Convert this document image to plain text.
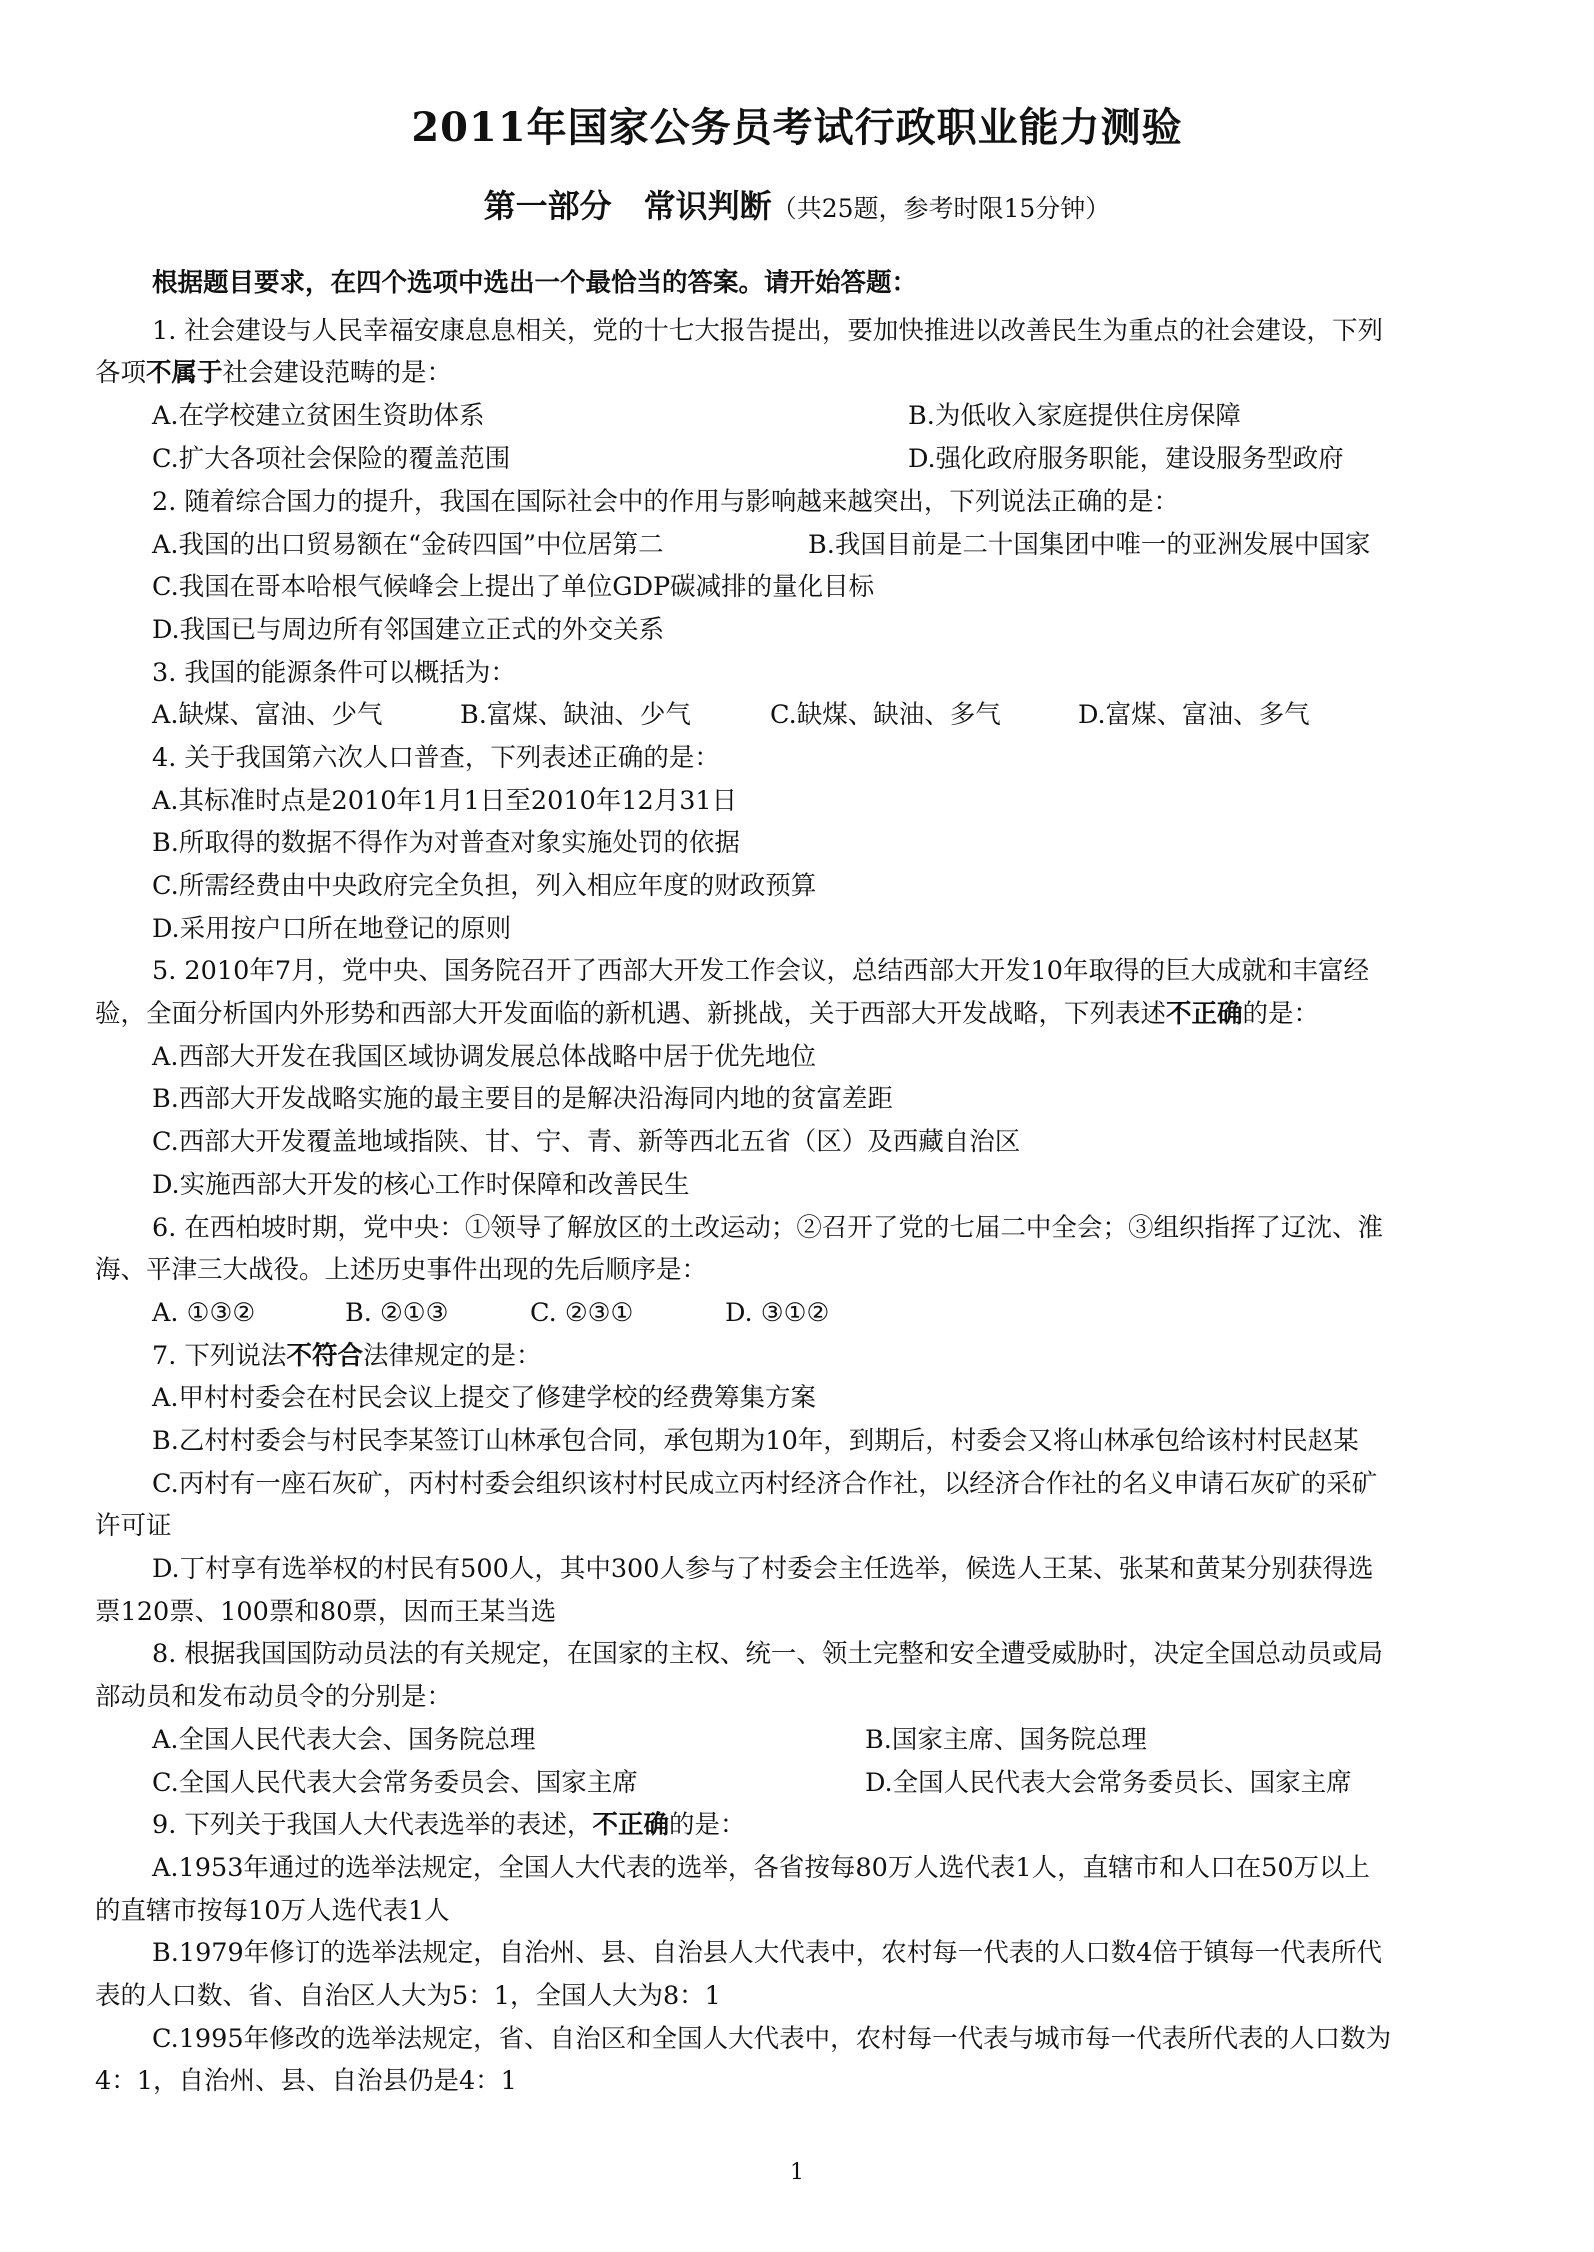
2011年国家公务员考试行政职业能力测验
第一部分　常识判断（共25题，参考时限15分钟）
根据题目要求，在四个选项中选出一个最恰当的答案。请开始答题：
1. 社会建设与人民幸福安康息息相关，党的十七大报告提出，要加快推进以改善民生为重点的社会建设，下列
各项不属于社会建设范畴的是：
A.在学校建立贫困生资助体系	B.为低收入家庭提供住房保障
C.扩大各项社会保险的覆盖范围	D.强化政府服务职能，建设服务型政府
2. 随着综合国力的提升，我国在国际社会中的作用与影响越来越突出，下列说法正确的是：
A.我国的出口贸易额在“金砖四国”中位居第二	B.我国目前是二十国集团中唯一的亚洲发展中国家
C.我国在哥本哈根气候峰会上提出了单位GDP碳减排的量化目标
D.我国已与周边所有邻国建立正式的外交关系
3. 我国的能源条件可以概括为：
A.缺煤、富油、少气	B.富煤、缺油、少气	C.缺煤、缺油、多气	D.富煤、富油、多气
4. 关于我国第六次人口普查，下列表述正确的是：
A.其标准时点是2010年1月1日至2010年12月31日
B.所取得的数据不得作为对普查对象实施处罚的依据
C.所需经费由中央政府完全负担，列入相应年度的财政预算
D.采用按户口所在地登记的原则
5. 2010年7月，党中央、国务院召开了西部大开发工作会议，总结西部大开发10年取得的巨大成就和丰富经
验，全面分析国内外形势和西部大开发面临的新机遇、新挑战，关于西部大开发战略，下列表述不正确的是：
A.西部大开发在我国区域协调发展总体战略中居于优先地位
B.西部大开发战略实施的最主要目的是解决沿海同内地的贫富差距
C.西部大开发覆盖地域指陕、甘、宁、青、新等西北五省（区）及西藏自治区
D.实施西部大开发的核心工作时保障和改善民生
6. 在西柏坡时期，党中央：①领导了解放区的土改运动；②召开了党的七届二中全会；③组织指挥了辽沈、淮
海、平津三大战役。上述历史事件出现的先后顺序是：
A. ①③②	B. ②①③	C. ②③①	D. ③①②
7. 下列说法不符合法律规定的是：
A.甲村村委会在村民会议上提交了修建学校的经费筹集方案
B.乙村村委会与村民李某签订山林承包合同，承包期为10年，到期后，村委会又将山林承包给该村村民赵某
C.丙村有一座石灰矿，丙村村委会组织该村村民成立丙村经济合作社，以经济合作社的名义申请石灰矿的采矿
许可证
D.丁村享有选举权的村民有500人，其中300人参与了村委会主任选举，候选人王某、张某和黄某分别获得选
票120票、100票和80票，因而王某当选
8. 根据我国国防动员法的有关规定，在国家的主权、统一、领土完整和安全遭受威胁时，决定全国总动员或局
部动员和发布动员令的分别是：
A.全国人民代表大会、国务院总理	B.国家主席、国务院总理
C.全国人民代表大会常务委员会、国家主席	D.全国人民代表大会常务委员长、国家主席
9. 下列关于我国人大代表选举的表述，不正确的是：
A.1953年通过的选举法规定，全国人大代表的选举，各省按每80万人选代表1人，直辖市和人口在50万以上
的直辖市按每10万人选代表1人
B.1979年修订的选举法规定，自治州、县、自治县人大代表中，农村每一代表的人口数4倍于镇每一代表所代
表的人口数、省、自治区人大为5：1，全国人大为8：1
C.1995年修改的选举法规定，省、自治区和全国人大代表中，农村每一代表与城市每一代表所代表的人口数为
4：1，自治州、县、自治县仍是4：1
1
